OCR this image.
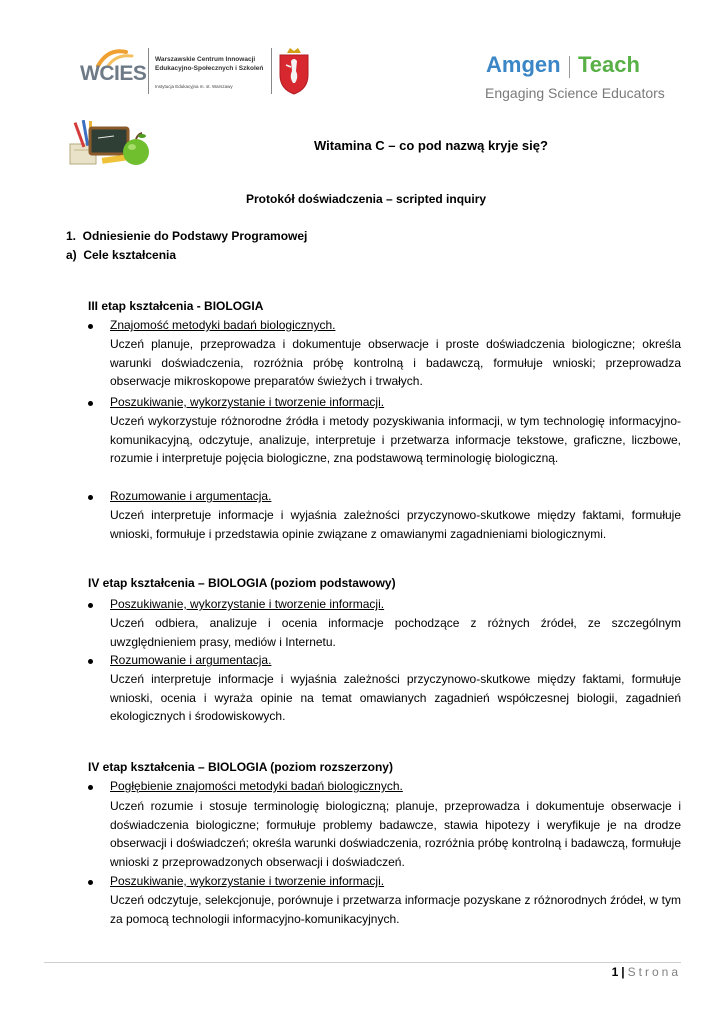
WCIES
Warszawskie Centrum Innowacji
Edukacyjno-Społecznych i Szkoleń
Instytucja Edukacyjna m. st. Warszawy
Amgen Teach
Engaging Science Educators
Witamina C – co pod nazwą kryje się?
Protokół doświadczenia – scripted inquiry
1.  Odniesienie do Podstawy Programowej
a)  Cele kształcenia
III etap kształcenia - BIOLOGIA
Znajomość metodyki badań biologicznych.
Uczeń planuje, przeprowadza i dokumentuje obserwacje i proste doświadczenia biologiczne; określa warunki doświadczenia, rozróżnia próbę kontrolną i badawczą, formułuje wnioski; przeprowadza obserwacje mikroskopowe preparatów świeżych i trwałych.
Poszukiwanie, wykorzystanie i tworzenie informacji.
Uczeń wykorzystuje różnorodne źródła i metody pozyskiwania informacji, w tym technologię informacyjno-komunikacyjną, odczytuje, analizuje, interpretuje i przetwarza informacje tekstowe, graficzne, liczbowe, rozumie i interpretuje pojęcia biologiczne, zna podstawową terminologię biologiczną.
Rozumowanie i argumentacja.
Uczeń interpretuje informacje i wyjaśnia zależności przyczynowo-skutkowe między faktami, formułuje wnioski, formułuje i przedstawia opinie związane z omawianymi zagadnieniami biologicznymi.
IV etap kształcenia – BIOLOGIA (poziom podstawowy)
Poszukiwanie, wykorzystanie i tworzenie informacji.
Uczeń odbiera, analizuje i ocenia informacje pochodzące z różnych źródeł, ze szczególnym uwzględnieniem prasy, mediów i Internetu.
Rozumowanie i argumentacja.
Uczeń interpretuje informacje i wyjaśnia zależności przyczynowo-skutkowe między faktami, formułuje wnioski, ocenia i wyraża opinie na temat omawianych zagadnień współczesnej biologii, zagadnień ekologicznych i środowiskowych.
IV etap kształcenia – BIOLOGIA (poziom rozszerzony)
Pogłębienie znajomości metodyki badań biologicznych.
Uczeń rozumie i stosuje terminologię biologiczną; planuje, przeprowadza i dokumentuje obserwacje i doświadczenia biologiczne; formułuje problemy badawcze, stawia hipotezy i weryfikuje je na drodze obserwacji i doświadczeń; określa warunki doświadczenia, rozróżnia próbę kontrolną i badawczą, formułuje wnioski z przeprowadzonych obserwacji i doświadczeń.
Poszukiwanie, wykorzystanie i tworzenie informacji.
Uczeń odczytuje, selekcjonuje, porównuje i przetwarza informacje pozyskane z różnorodnych źródeł, w tym za pomocą technologii informacyjno-komunikacyjnych.
1 | Strona
